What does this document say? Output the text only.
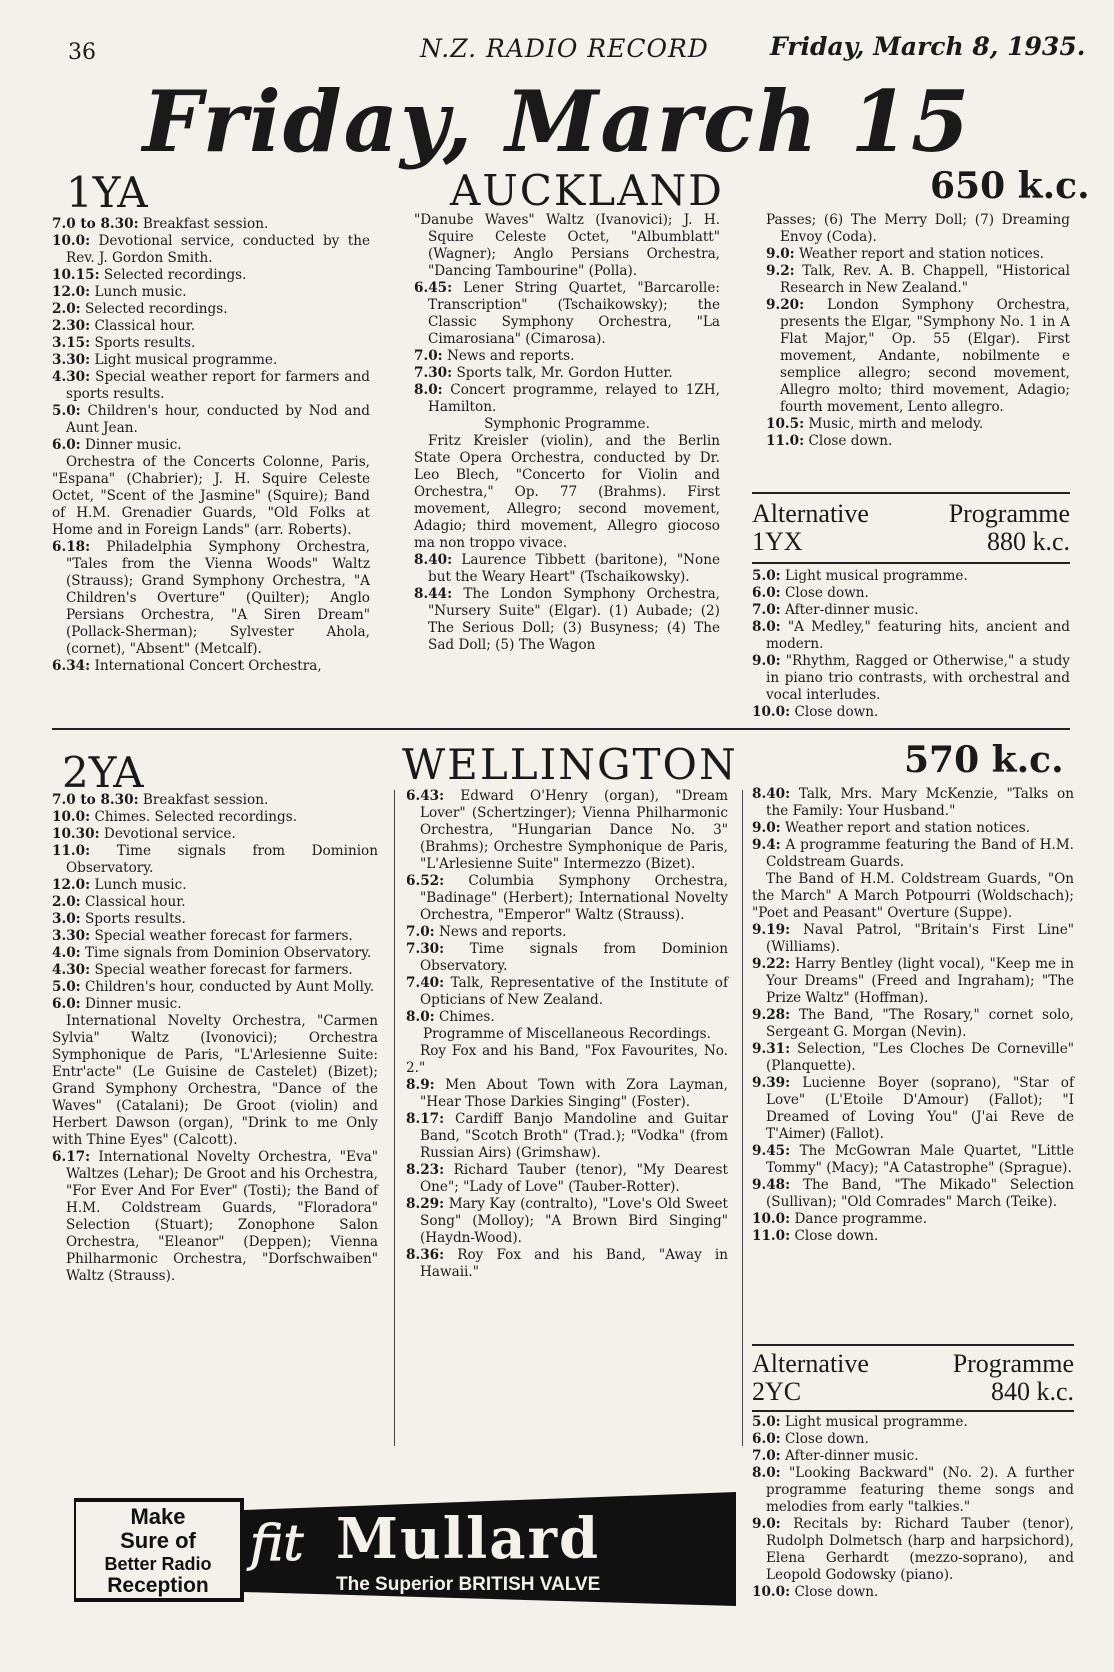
36	N.Z. RADIO RECORD Friday, March 8, 1935.
Friday, March 15
1YA	AUCKLAND	650 k.c.

7.0 to 8.30: Breakfast session.

10.0: Devotional service, conducted by the Rev. J. Gordon Smith.

10.15: Selected recordings.

12.0: Lunch music.

2.0: Selected recordings.

2.30: Classical hour.

3.15: Sports results.

3.30: Light musical programme.

4.30: Special weather report for farmers and sports results.

5.0: Children's hour, conducted by Nod and Aunt Jean.

6.0: Dinner music.

Orchestra of the Concerts Colonne, Paris, "Espana" (Chabrier); J. H. Squire Celeste Octet, "Scent of the Jasmine" (Squire); Band of H.M. Grenadier Guards, "Old Folks at Home and in Foreign Lands" (arr. Roberts).

6.18: Philadelphia Symphony Orchestra, "Tales from the Vienna Woods" Waltz (Strauss); Grand Symphony Orchestra, "A Children's Overture" (Quilter); Anglo Persians Orchestra, "A Siren Dream" (Pollack-Sherman); Sylvester Ahola, (cornet), "Absent" (Metcalf).

6.34: International Concert Orchestra,

"Danube Waves" Waltz (Ivanovici); J. H. Squire Celeste Octet, "Albumblatt" (Wagner); Anglo Persians Orchestra, "Dancing Tambourine" (Polla).

6.45: Lener String Quartet, "Barcarolle: Transcription" (Tschaikowsky); the Classic Symphony Orchestra, "La Cimarosiana" (Cimarosa).

7.0: News and reports.

7.30: Sports talk, Mr. Gordon Hutter.

8.0: Concert programme, relayed to 1ZH, Hamilton.

Symphonic Programme.

Fritz Kreisler (violin), and the Berlin State Opera Orchestra, conducted by Dr. Leo Blech, "Concerto for Violin and Orchestra," Op. 77 (Brahms). First movement, Allegro; second movement, Adagio; third movement, Allegro giocoso ma non troppo vivace.

8.40: Laurence Tibbett (baritone), "None but the Weary Heart" (Tschaikowsky).

8.44: The London Symphony Orchestra, "Nursery Suite" (Elgar). (1) Aubade; (2) The Serious Doll; (3) Busyness; (4) The Sad Doll; (5) The Wagon

Passes; (6) The Merry Doll; (7) Dreaming Envoy (Coda).

9.0: Weather report and station notices.

9.2: Talk, Rev. A. B. Chappell, "Historical Research in New Zealand."

9.20: London Symphony Orchestra, presents the Elgar, "Symphony No. 1 in A Flat Major," Op. 55 (Elgar). First movement, Andante, nobilmente e semplice allegro; second movement, Allegro molto; third movement, Adagio; fourth movement, Lento allegro.

10.5: Music, mirth and melody.

11.0: Close down.

Alternative	Programme
1YX	880 k.c.

5.0: Light musical programme.

6.0: Close down.

7.0: After-dinner music.

8.0: "A Medley," featuring hits, ancient and modern.

9.0: "Rhythm, Ragged or Otherwise," a study in piano trio contrasts, with orchestral and vocal interludes.

10.0: Close down.

2YA	WELLINGTON	570 k.c.

7.0 to 8.30: Breakfast session.

10.0: Chimes. Selected recordings.

10.30: Devotional service.

11.0: Time signals from Dominion Observatory.

12.0: Lunch music.

2.0: Classical hour.

3.0: Sports results.

3.30: Special weather forecast for farmers.

4.0: Time signals from Dominion Observatory.

4.30: Special weather forecast for farmers.

5.0: Children's hour, conducted by Aunt Molly.

6.0: Dinner music.

International Novelty Orchestra, "Carmen Sylvia" Waltz (Ivonovici); Orchestra Symphonique de Paris, "L'Arlesienne Suite: Entr'acte" (Le Guisine de Castelet) (Bizet); Grand Symphony Orchestra, "Dance of the Waves" (Catalani); De Groot (violin) and Herbert Dawson (organ), "Drink to me Only with Thine Eyes" (Calcott).

6.17: International Novelty Orchestra, "Eva" Waltzes (Lehar); De Groot and his Orchestra, "For Ever And For Ever" (Tosti); the Band of H.M. Coldstream Guards, "Floradora" Selection (Stuart); Zonophone Salon Orchestra, "Eleanor" (Deppen); Vienna Philharmonic Orchestra, "Dorfschwaiben" Waltz (Strauss).

6.43: Edward O'Henry (organ), "Dream Lover" (Schertzinger); Vienna Philharmonic Orchestra, "Hungarian Dance No. 3" (Brahms); Orchestre Symphonique de Paris, "L'Arlesienne Suite" Intermezzo (Bizet).

6.52: Columbia Symphony Orchestra, "Badinage" (Herbert); International Novelty Orchestra, "Emperor" Waltz (Strauss).

7.0: News and reports.

7.30: Time signals from Dominion Observatory.

7.40: Talk, Representative of the Institute of Opticians of New Zealand.

8.0: Chimes.

Programme of Miscellaneous Recordings.

Roy Fox and his Band, "Fox Favourites, No. 2."

8.9: Men About Town with Zora Layman, "Hear Those Darkies Singing" (Foster).

8.17: Cardiff Banjo Mandoline and Guitar Band, "Scotch Broth" (Trad.); "Vodka" (from Russian Airs) (Grimshaw).

8.23: Richard Tauber (tenor), "My Dearest One"; "Lady of Love" (Tauber-Rotter).

8.29: Mary Kay (contralto), "Love's Old Sweet Song" (Molloy); "A Brown Bird Singing" (Haydn-Wood).

8.36: Roy Fox and his Band, "Away in Hawaii."

8.40: Talk, Mrs. Mary McKenzie, "Talks on the Family: Your Husband."

9.0: Weather report and station notices.

9.4: A programme featuring the Band of H.M. Coldstream Guards.

The Band of H.M. Coldstream Guards, "On the March" A March Potpourri (Woldschach); "Poet and Peasant" Overture (Suppe).

9.19: Naval Patrol, "Britain's First Line" (Williams).

9.22: Harry Bentley (light vocal), "Keep me in Your Dreams" (Freed and Ingraham); "The Prize Waltz" (Hoffman).

9.28: The Band, "The Rosary," cornet solo, Sergeant G. Morgan (Nevin).

9.31: Selection, "Les Cloches De Corneville" (Planquette).

9.39: Lucienne Boyer (soprano), "Star of Love" (L'Etoile D'Amour) (Fallot); "I Dreamed of Loving You" (J'ai Reve de T'Aimer) (Fallot).

9.45: The McGowran Male Quartet, "Little Tommy" (Macy); "A Catastrophe" (Sprague).

9.48: The Band, "The Mikado" Selection (Sullivan); "Old Comrades" March (Teike).

10.0: Dance programme.

11.0: Close down.

Alternative	Programme
2YC	840 k.c.

5.0: Light musical programme.

6.0: Close down.

7.0: After-dinner music.

8.0: "Looking Backward" (No. 2). A further programme featuring theme songs and melodies from early "talkies."

9.0: Recitals by: Richard Tauber (tenor), Rudolph Dolmetsch (harp and harpsichord), Elena Gerhardt (mezzo-soprano), and Leopold Godowsky (piano).

10.0: Close down.

Make
Sure of
Better Radio
Reception
fit Mullard
The Superior BRITISH VALVE
